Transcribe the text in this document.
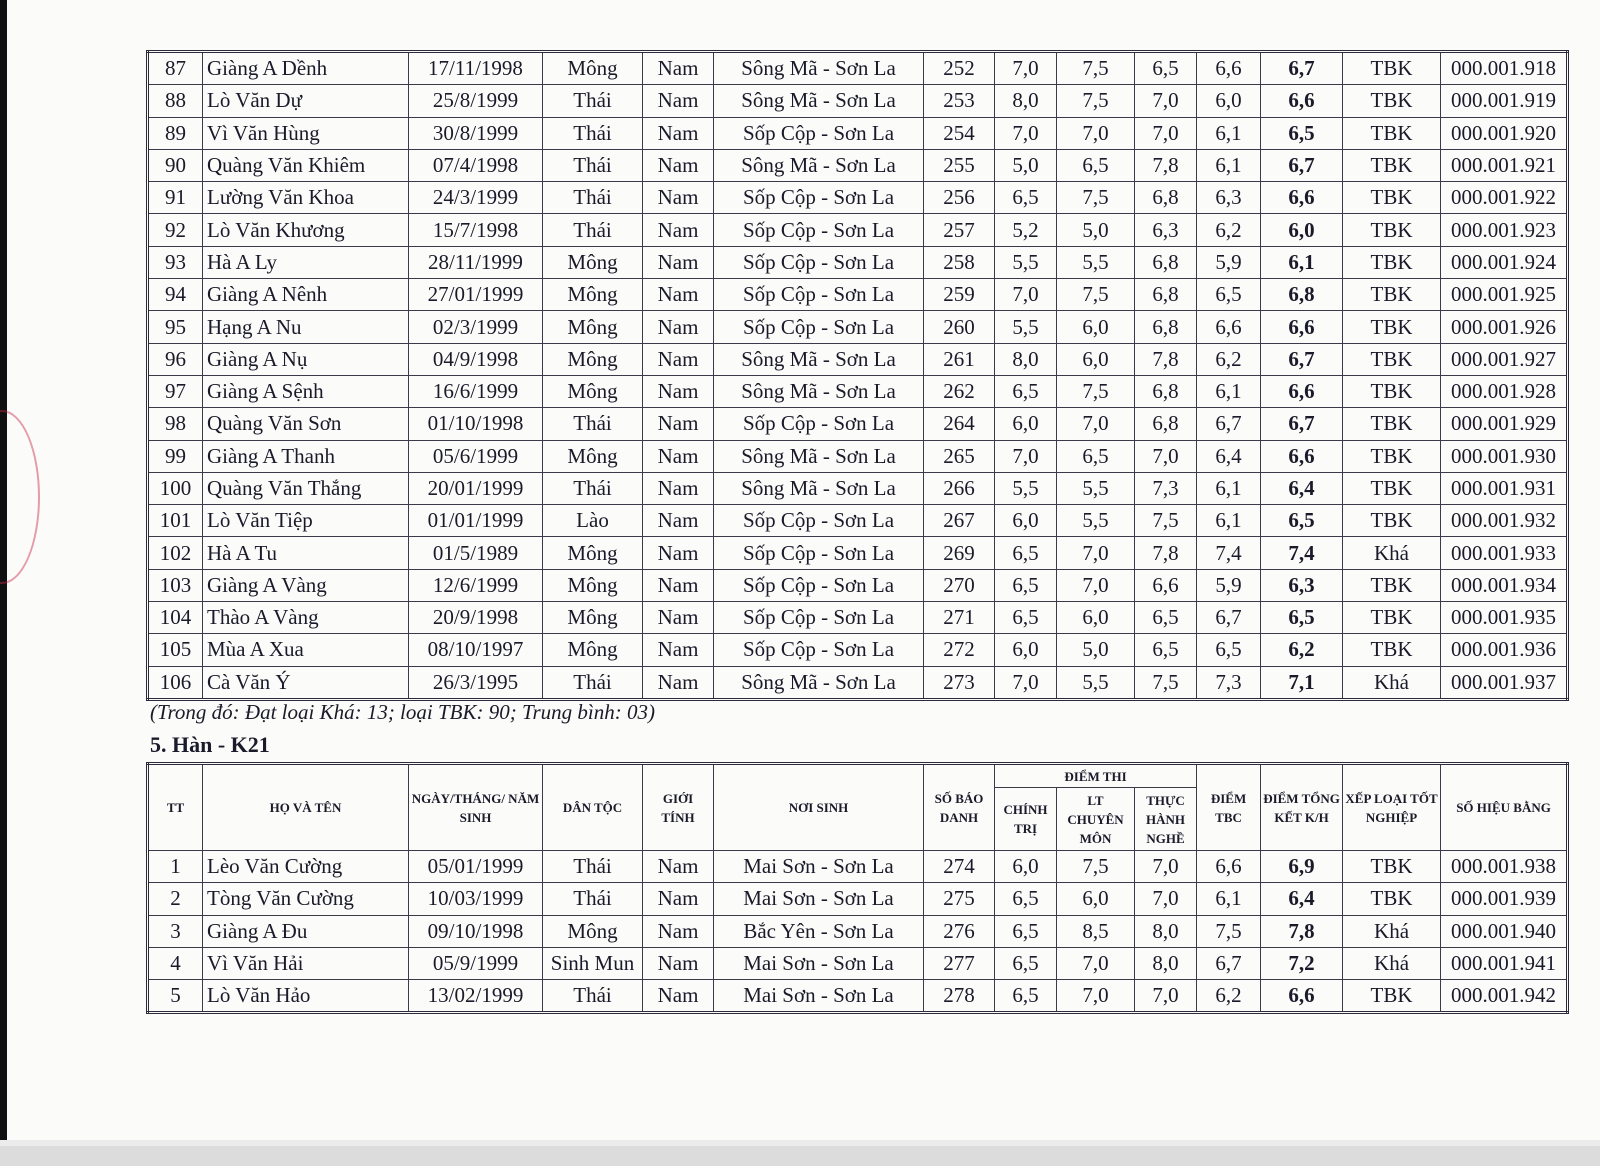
87	Giàng A Dềnh	17/11/1998	Mông	Nam	Sông Mã - Sơn La	252	7,0	7,5	6,5	6,6	6,7	TBK	000.001.918
88	Lò Văn Dự	25/8/1999	Thái	Nam	Sông Mã - Sơn La	253	8,0	7,5	7,0	6,0	6,6	TBK	000.001.919
89	Vì Văn Hùng	30/8/1999	Thái	Nam	Sốp Cộp - Sơn La	254	7,0	7,0	7,0	6,1	6,5	TBK	000.001.920
90	Quàng Văn Khiêm	07/4/1998	Thái	Nam	Sông Mã - Sơn La	255	5,0	6,5	7,8	6,1	6,7	TBK	000.001.921
91	Lường Văn Khoa	24/3/1999	Thái	Nam	Sốp Cộp - Sơn La	256	6,5	7,5	6,8	6,3	6,6	TBK	000.001.922
92	Lò Văn Khương	15/7/1998	Thái	Nam	Sốp Cộp - Sơn La	257	5,2	5,0	6,3	6,2	6,0	TBK	000.001.923
93	Hà A Ly	28/11/1999	Mông	Nam	Sốp Cộp - Sơn La	258	5,5	5,5	6,8	5,9	6,1	TBK	000.001.924
94	Giàng A Nênh	27/01/1999	Mông	Nam	Sốp Cộp - Sơn La	259	7,0	7,5	6,8	6,5	6,8	TBK	000.001.925
95	Hạng A Nu	02/3/1999	Mông	Nam	Sốp Cộp - Sơn La	260	5,5	6,0	6,8	6,6	6,6	TBK	000.001.926
96	Giàng A Nụ	04/9/1998	Mông	Nam	Sông Mã - Sơn La	261	8,0	6,0	7,8	6,2	6,7	TBK	000.001.927
97	Giàng A Sệnh	16/6/1999	Mông	Nam	Sông Mã - Sơn La	262	6,5	7,5	6,8	6,1	6,6	TBK	000.001.928
98	Quàng Văn Sơn	01/10/1998	Thái	Nam	Sốp Cộp - Sơn La	264	6,0	7,0	6,8	6,7	6,7	TBK	000.001.929
99	Giàng A Thanh	05/6/1999	Mông	Nam	Sông Mã - Sơn La	265	7,0	6,5	7,0	6,4	6,6	TBK	000.001.930
100	Quàng Văn Thắng	20/01/1999	Thái	Nam	Sông Mã - Sơn La	266	5,5	5,5	7,3	6,1	6,4	TBK	000.001.931
101	Lò Văn Tiệp	01/01/1999	Lào	Nam	Sốp Cộp - Sơn La	267	6,0	5,5	7,5	6,1	6,5	TBK	000.001.932
102	Hà A Tu	01/5/1989	Mông	Nam	Sốp Cộp - Sơn La	269	6,5	7,0	7,8	7,4	7,4	Khá	000.001.933
103	Giàng A Vàng	12/6/1999	Mông	Nam	Sốp Cộp - Sơn La	270	6,5	7,0	6,6	5,9	6,3	TBK	000.001.934
104	Thào A Vàng	20/9/1998	Mông	Nam	Sốp Cộp - Sơn La	271	6,5	6,0	6,5	6,7	6,5	TBK	000.001.935
105	Mùa A Xua	08/10/1997	Mông	Nam	Sốp Cộp - Sơn La	272	6,0	5,0	6,5	6,5	6,2	TBK	000.001.936
106	Cà Văn Ý	26/3/1995	Thái	Nam	Sông Mã - Sơn La	273	7,0	5,5	7,5	7,3	7,1	Khá	000.001.937
(Trong đó: Đạt loại Khá: 13; loại TBK: 90; Trung bình: 03)
5. Hàn - K21
TT	HỌ VÀ TÊN	NGÀY/THÁNG/ NĂM SINH	DÂN TỘC	GIỚI TÍNH	NƠI SINH	SỐ BÁO DANH	ĐIỂM THI			ĐIỂM TBC	ĐIỂM TỔNG KẾT K/H	XẾP LOẠI TỐT NGHIỆP	SỐ HIỆU BẰNG
							CHÍNH TRỊ	LT CHUYÊN MÔN	THỰC HÀNH NGHỀ				
1	Lèo Văn Cường	05/01/1999	Thái	Nam	Mai Sơn - Sơn La	274	6,0	7,5	7,0	6,6	6,9	TBK	000.001.938
2	Tòng Văn Cường	10/03/1999	Thái	Nam	Mai Sơn - Sơn La	275	6,5	6,0	7,0	6,1	6,4	TBK	000.001.939
3	Giàng A Đu	09/10/1998	Mông	Nam	Bắc Yên - Sơn La	276	6,5	8,5	8,0	7,5	7,8	Khá	000.001.940
4	Vì Văn Hải	05/9/1999	Sinh Mun	Nam	Mai Sơn - Sơn La	277	6,5	7,0	8,0	6,7	7,2	Khá	000.001.941
5	Lò Văn Hảo	13/02/1999	Thái	Nam	Mai Sơn - Sơn La	278	6,5	7,0	7,0	6,2	6,6	TBK	000.001.942
